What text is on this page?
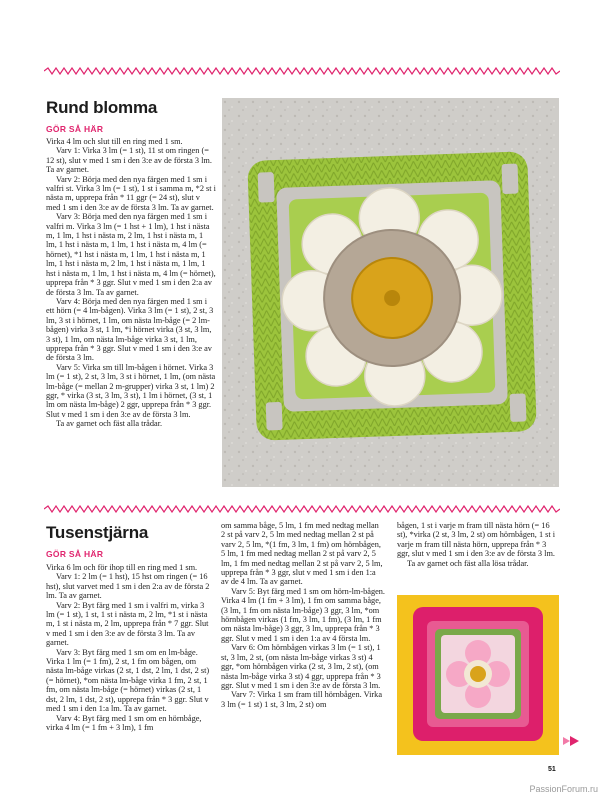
Rund blomma

GÖR SÅ HÄR

Virka 4 lm och slut till en ring med 1 sm.

Varv 1: Virka 3 lm (= 1 st), 11 st om ringen (= 12 st), slut v med 1 sm i den 3:e av de första 3 lm. Ta av garnet.

Varv 2: Börja med den nya färgen med 1 sm i valfri st. Virka 3 lm (= 1 st), 1 st i samma m, *2 st i nästa m, upprepa från * 11 ggr (= 24 st), slut v med 1 sm i den 3:e av de första 3 lm. Ta av garnet.

Varv 3: Börja med den nya färgen med 1 sm i valfri m. Virka 3 lm (= 1 hst + 1 lm), 1 hst i nästa m, 1 lm, 1 hst i nästa m, 2 lm, 1 hst i nästa m, 1 lm, 1 hst i nästa m, 1 lm, 1 hst i nästa m, 4 lm (= hörnet), *1 hst i nästa m, 1 lm, 1 hst i nästa m, 1 lm, 1 hst i nästa m, 2 lm, 1 hst i nästa m, 1 lm, 1 hst i nästa m, 1 lm, 1 hst i nästa m, 4 lm (= hörnet), upprepa från * 3 ggr. Slut v med 1 sm i den 2:a av de första 3 lm. Ta av garnet.

Varv 4: Börja med den nya färgen med 1 sm i ett hörn (= 4 lm-bågen). Virka 3 lm (= 1 st), 2 st, 3 lm, 3 st i hörnet, 1 lm, om nästa lm-båge (= 2 lm-bågen) virka 3 st, 1 lm, *i hörnet virka (3 st, 3 lm, 3 st), 1 lm, om nästa lm-båge virka 3 st, 1 lm, upprepa från * 3 ggr. Slut v med 1 sm i den 3:e av de första 3 lm.

Varv 5: Virka sm till lm-bågen i hörnet. Virka 3 lm (= 1 st), 2 st, 3 lm, 3 st i hörnet, 1 lm, (om nästa lm-båge (= mellan 2 m-grupper) virka 3 st, 1 lm) 2 ggr, * virka (3 st, 3 lm, 3 st), 1 lm i hörnet, (3 st, 1 lm om nästa lm-båge) 2 ggr, upprepa från * 3 ggr. Slut v med 1 sm i den 3:e av de första 3 lm.

Ta av garnet och fäst alla trådar.

Tusenstjärna

GÖR SÅ HÄR

Virka 6 lm och för ihop till en ring med 1 sm.

Varv 1: 2 lm (= 1 hst), 15 hst om ringen (= 16 hst), slut varvet med 1 sm i den 2:a av de första 2 lm. Ta av garnet.

Varv 2: Byt färg med 1 sm i valfri m, virka 3 lm (= 1 st), 1 st, 1 st i nästa m, 2 lm, *1 st i nästa m, 1 st i nästa m, 2 lm, upprepa från * 7 ggr. Slut v med 1 sm i den 3:e av de första 3 lm. Ta av garnet.

Varv 3: Byt färg med 1 sm om en lm-båge. Virka 1 lm (= 1 fm), 2 st, 1 fm om bågen, om nästa lm-båge virkas (2 st, 1 dst, 2 lm, 1 dst, 2 st) (= hörnet), *om nästa lm-båge virka 1 fm, 2 st, 1 fm, om nästa lm-båge (= hörnet) virkas (2 st, 1 dst, 2 lm, 1 dst, 2 st), upprepa från * 3 ggr. Slut v med 1 sm i den 1:a lm. Ta av garnet.

Varv 4: Byt färg med 1 sm om en hörnbåge, virka 4 lm (= 1 fm + 3 lm), 1 fm

om samma båge, 5 lm, 1 fm med nedtag mellan 2 st på varv 2, 5 lm med nedtag mellan 2 st på varv 2, 5 lm, *(1 fm, 3 lm, 1 fm) om hörnbågen, 5 lm, 1 fm med nedtag mellan 2 st på varv 2, 5 lm, 1 fm med nedtag mellan 2 st på varv 2, 5 lm, upprepa från * 3 ggr, slut v med 1 sm i den 1:a av de 4 lm. Ta av garnet.

Varv 5: Byt färg med 1 sm om hörn-lm-bågen. Virka 4 lm (1 fm + 3 lm), 1 fm om samma båge, (3 lm, 1 fm om nästa lm-båge) 3 ggr, 3 lm, *om hörnbågen virkas (1 fm, 3 lm, 1 fm), (3 lm, 1 fm om nästa lm-båge) 3 ggr, 3 lm, upprepa från * 3 ggr. Slut v med 1 sm i den 1:a av 4 första lm.

Varv 6: Om hörnbågen virkas 3 lm (= 1 st), 1 st, 3 lm, 2 st, (om nästa lm-båge virkas 3 st) 4 ggr, *om hörnbågen virka (2 st, 3 lm, 2 st), (om nästa lm-båge virka 3 st) 4 ggr, upprepa från * 3 ggr. Slut v med 1 sm i den 3:e av de första 3 lm.

Varv 7: Virka 1 sm fram till hörnbågen. Virka 3 lm (= 1 st) 1 st, 3 lm, 2 st) om

bågen, 1 st i varje m fram till nästa hörn (= 16 st), *virka (2 st, 3 lm, 2 st) om hörnbågen, 1 st i varje m fram till nästa hörn, upprepa från * 3 ggr, slut v med 1 sm i den 3:e av de första 3 lm.

Ta av garnet och fäst alla lösa trådar.

51
PassionForum.ru
